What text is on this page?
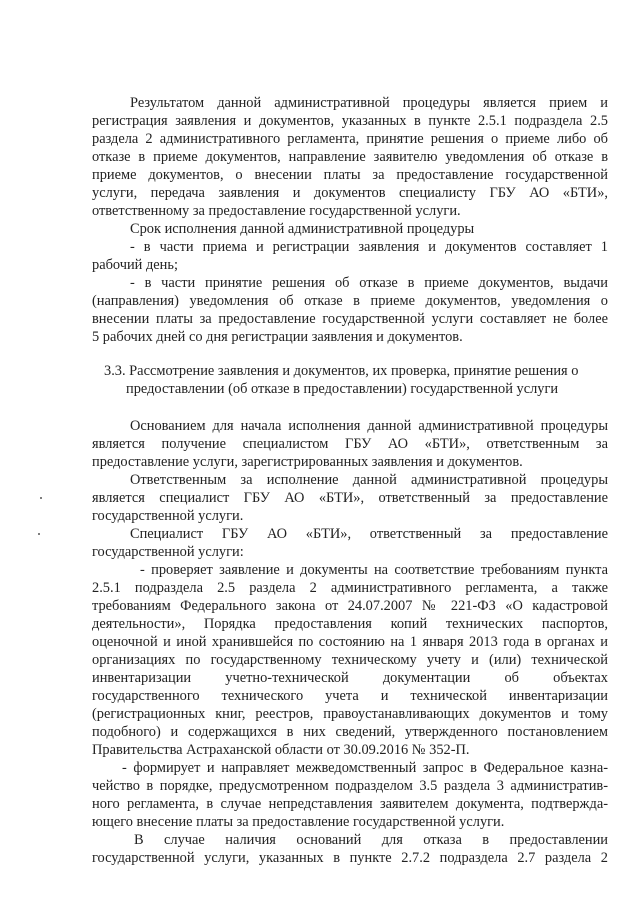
Результатом данной административной процедуры является прием и
регистрация заявления и документов, указанных в пункте 2.5.1 подраздела 2.5
раздела 2 административного регламента, принятие решения о приеме либо об
отказе в приеме документов, направление заявителю уведомления об отказе в
приеме документов, о внесении платы за предоставление государственной
услуги, передача заявления и документов специалисту ГБУ АО «БТИ»,
ответственному за предоставление государственной услуги.
Срок исполнения данной административной процедуры
- в части приема и регистрации заявления и документов составляет 1
рабочий день;
- в части принятие решения об отказе в приеме документов, выдачи
(направления) уведомления об отказе в приеме документов, уведомления о
внесении платы за предоставление государственной услуги составляет не более
5 рабочих дней со дня регистрации заявления и документов.
3.3. Рассмотрение заявления и документов, их проверка, принятие решения о
предоставлении (об отказе в предоставлении) государственной услуги
Основанием для начала исполнения данной административной процедуры
является получение специалистом ГБУ АО «БТИ», ответственным за
предоставление услуги, зарегистрированных заявления и документов.
Ответственным за исполнение данной административной процедуры
является специалист ГБУ АО «БТИ», ответственный за предоставление
государственной услуги.
Специалист ГБУ АО «БТИ», ответственный за предоставление
государственной услуги:
- проверяет заявление и документы на соответствие требованиям пункта
2.5.1 подраздела 2.5 раздела 2 административного регламента, а также
требованиям Федерального закона от 24.07.2007 № 221-ФЗ «О кадастровой
деятельности», Порядка предоставления копий технических паспортов,
оценочной и иной хранившейся по состоянию на 1 января 2013 года в органах и
организациях по государственному техническому учету и (или) технической
инвентаризации учетно-технической документации об объектах
государственного технического учета и технической инвентаризации
(регистрационных книг, реестров, правоустанавливающих документов и тому
подобного) и содержащихся в них сведений, утвержденного постановлением
Правительства Астраханской области от 30.09.2016 № 352-П.
- формирует и направляет межведомственный запрос в Федеральное казна-
чейство в порядке, предусмотренном подразделом 3.5 раздела 3 административ-
ного регламента, в случае непредставления заявителем документа, подтвержда-
ющего внесение платы за предоставление государственной услуги.
В случае наличия оснований для отказа в предоставлении
государственной услуги, указанных в пункте 2.7.2 подраздела 2.7 раздела 2
